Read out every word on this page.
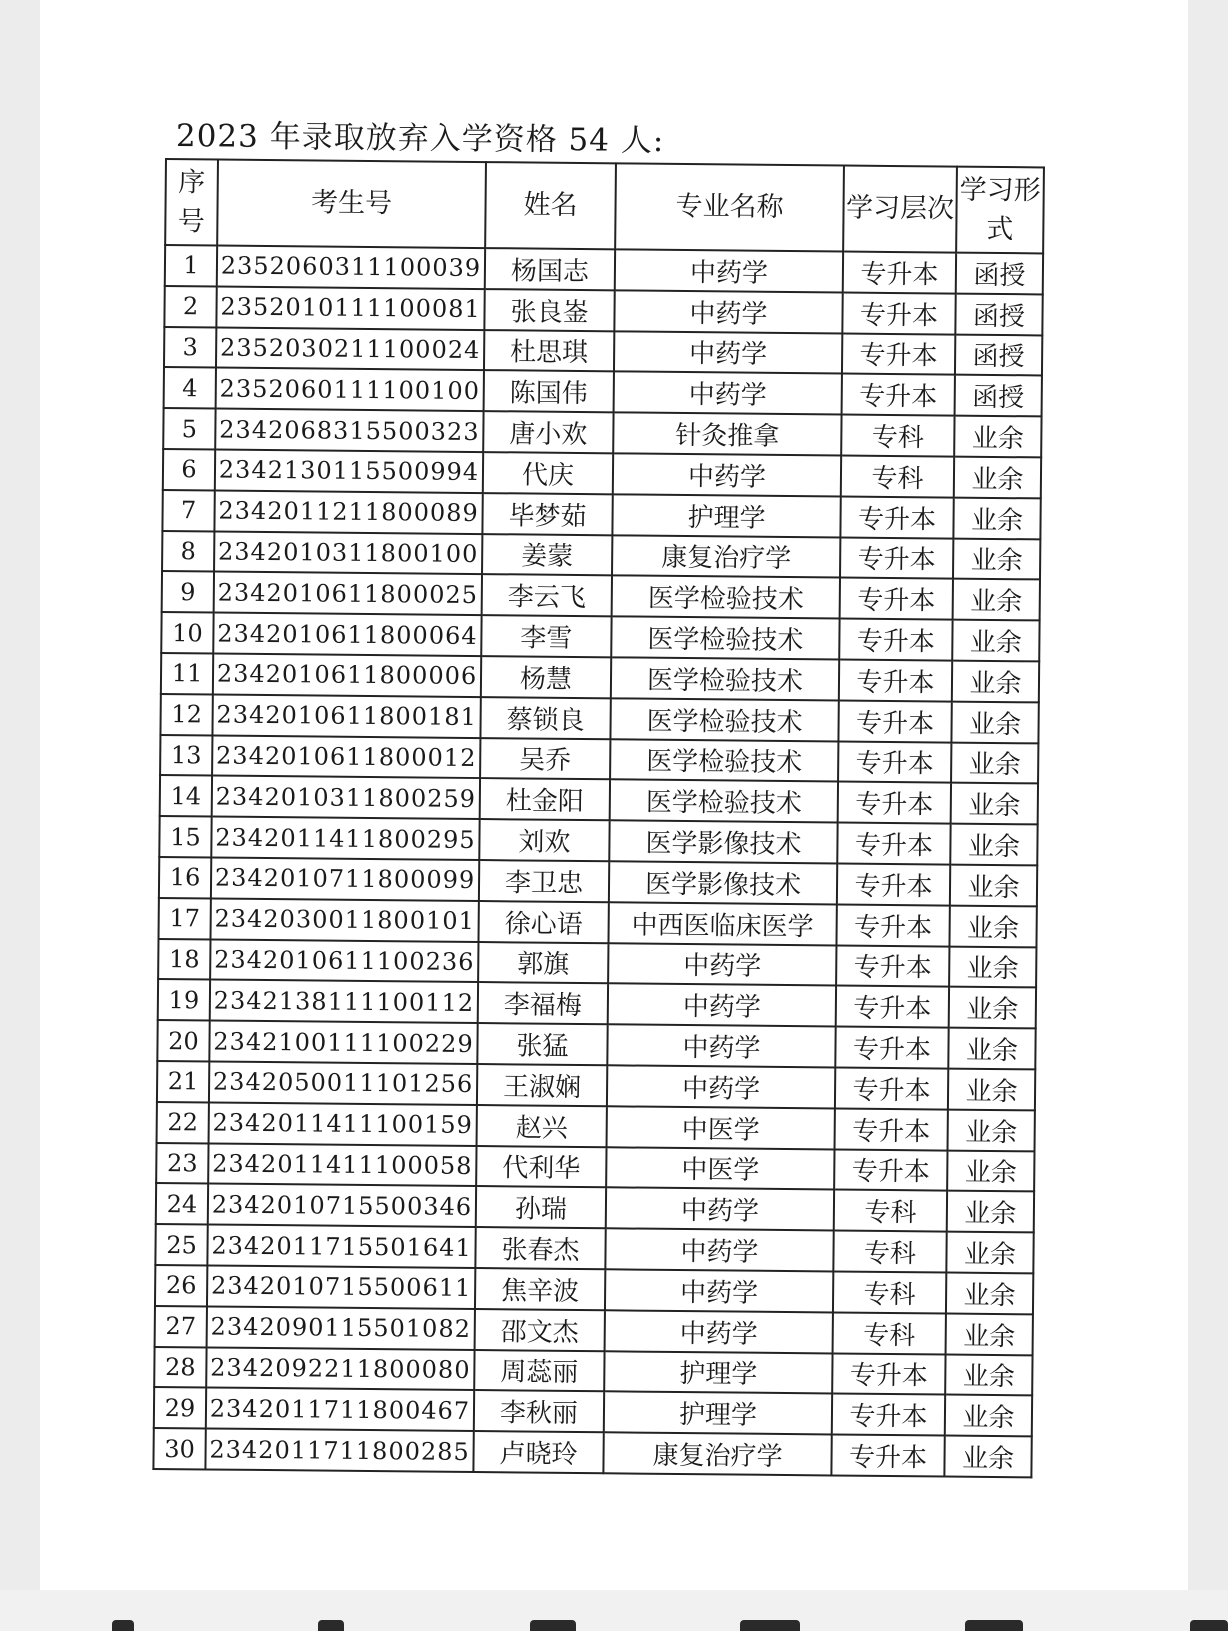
2023 年录取放弃入学资格 54 人:
序号	考生号	姓名	专业名称	学习层次	学习形式
1	2352060311100039	杨国志	中药学	专升本	函授
2	2352010111100081	张良崟	中药学	专升本	函授
3	2352030211100024	杜思琪	中药学	专升本	函授
4	2352060111100100	陈国伟	中药学	专升本	函授
5	2342068315500323	唐小欢	针灸推拿	专科	业余
6	2342130115500994	代庆	中药学	专科	业余
7	2342011211800089	毕梦茹	护理学	专升本	业余
8	2342010311800100	姜蒙	康复治疗学	专升本	业余
9	2342010611800025	李云飞	医学检验技术	专升本	业余
10	2342010611800064	李雪	医学检验技术	专升本	业余
11	2342010611800006	杨慧	医学检验技术	专升本	业余
12	2342010611800181	蔡锁良	医学检验技术	专升本	业余
13	2342010611800012	吴乔	医学检验技术	专升本	业余
14	2342010311800259	杜金阳	医学检验技术	专升本	业余
15	2342011411800295	刘欢	医学影像技术	专升本	业余
16	2342010711800099	李卫忠	医学影像技术	专升本	业余
17	2342030011800101	徐心语	中西医临床医学	专升本	业余
18	2342010611100236	郭旗	中药学	专升本	业余
19	2342138111100112	李福梅	中药学	专升本	业余
20	2342100111100229	张猛	中药学	专升本	业余
21	2342050011101256	王淑娴	中药学	专升本	业余
22	2342011411100159	赵兴	中医学	专升本	业余
23	2342011411100058	代利华	中医学	专升本	业余
24	2342010715500346	孙瑞	中药学	专科	业余
25	2342011715501641	张春杰	中药学	专科	业余
26	2342010715500611	焦辛波	中药学	专科	业余
27	2342090115501082	邵文杰	中药学	专科	业余
28	2342092211800080	周蕊丽	护理学	专升本	业余
29	2342011711800467	李秋丽	护理学	专升本	业余
30	2342011711800285	卢晓玲	康复治疗学	专升本	业余
